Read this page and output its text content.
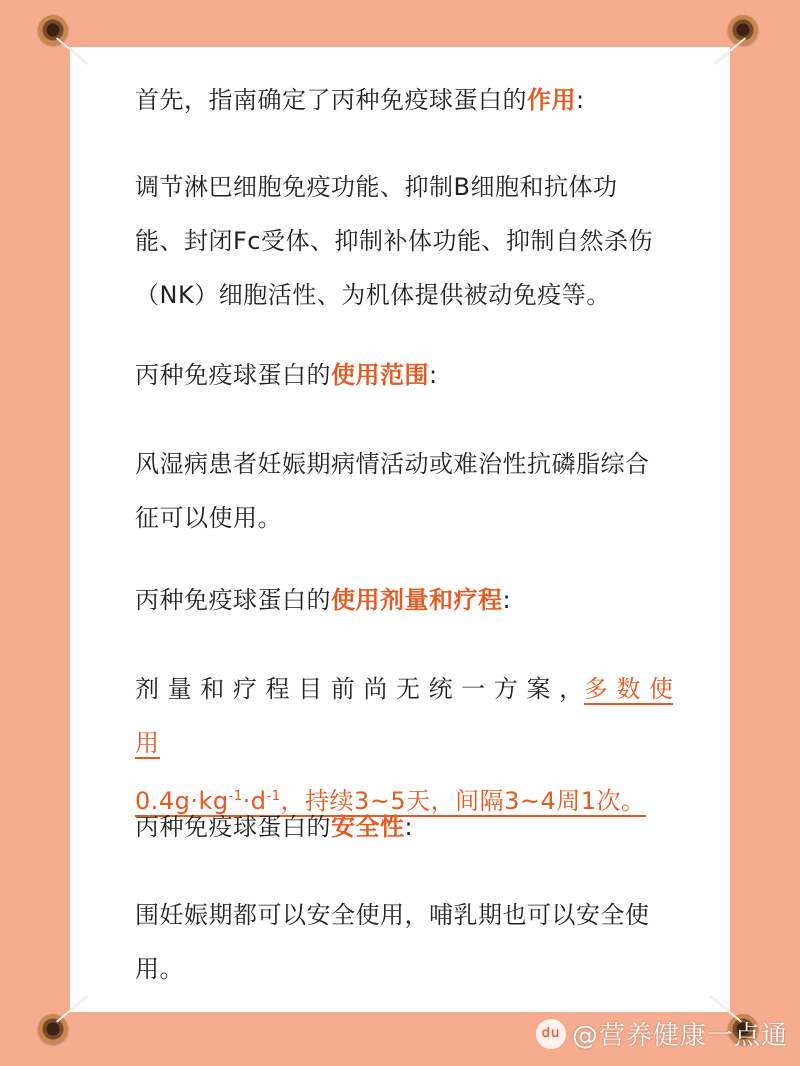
首先，指南确定了丙种免疫球蛋白的作用:
调节淋巴细胞免疫功能、抑制B细胞和抗体功
能、封闭Fc受体、抑制补体功能、抑制自然杀伤
（NK）细胞活性、为机体提供被动免疫等。
丙种免疫球蛋白的使用范围:
风湿病患者妊娠期病情活动或难治性抗磷脂综合
征可以使用。
丙种免疫球蛋白的使用剂量和疗程:
剂 量 和 疗 程 目 前 尚 无 统 一 方 案 ，多 数 使 用
$0.4g\cdot kg^{-1}\cdot d^{-1}$，持续3~5天，间隔3~4周1次。
丙种免疫球蛋白的安全性:
围妊娠期都可以安全使用，哺乳期也可以安全使
用。
du @营养健康一点通
